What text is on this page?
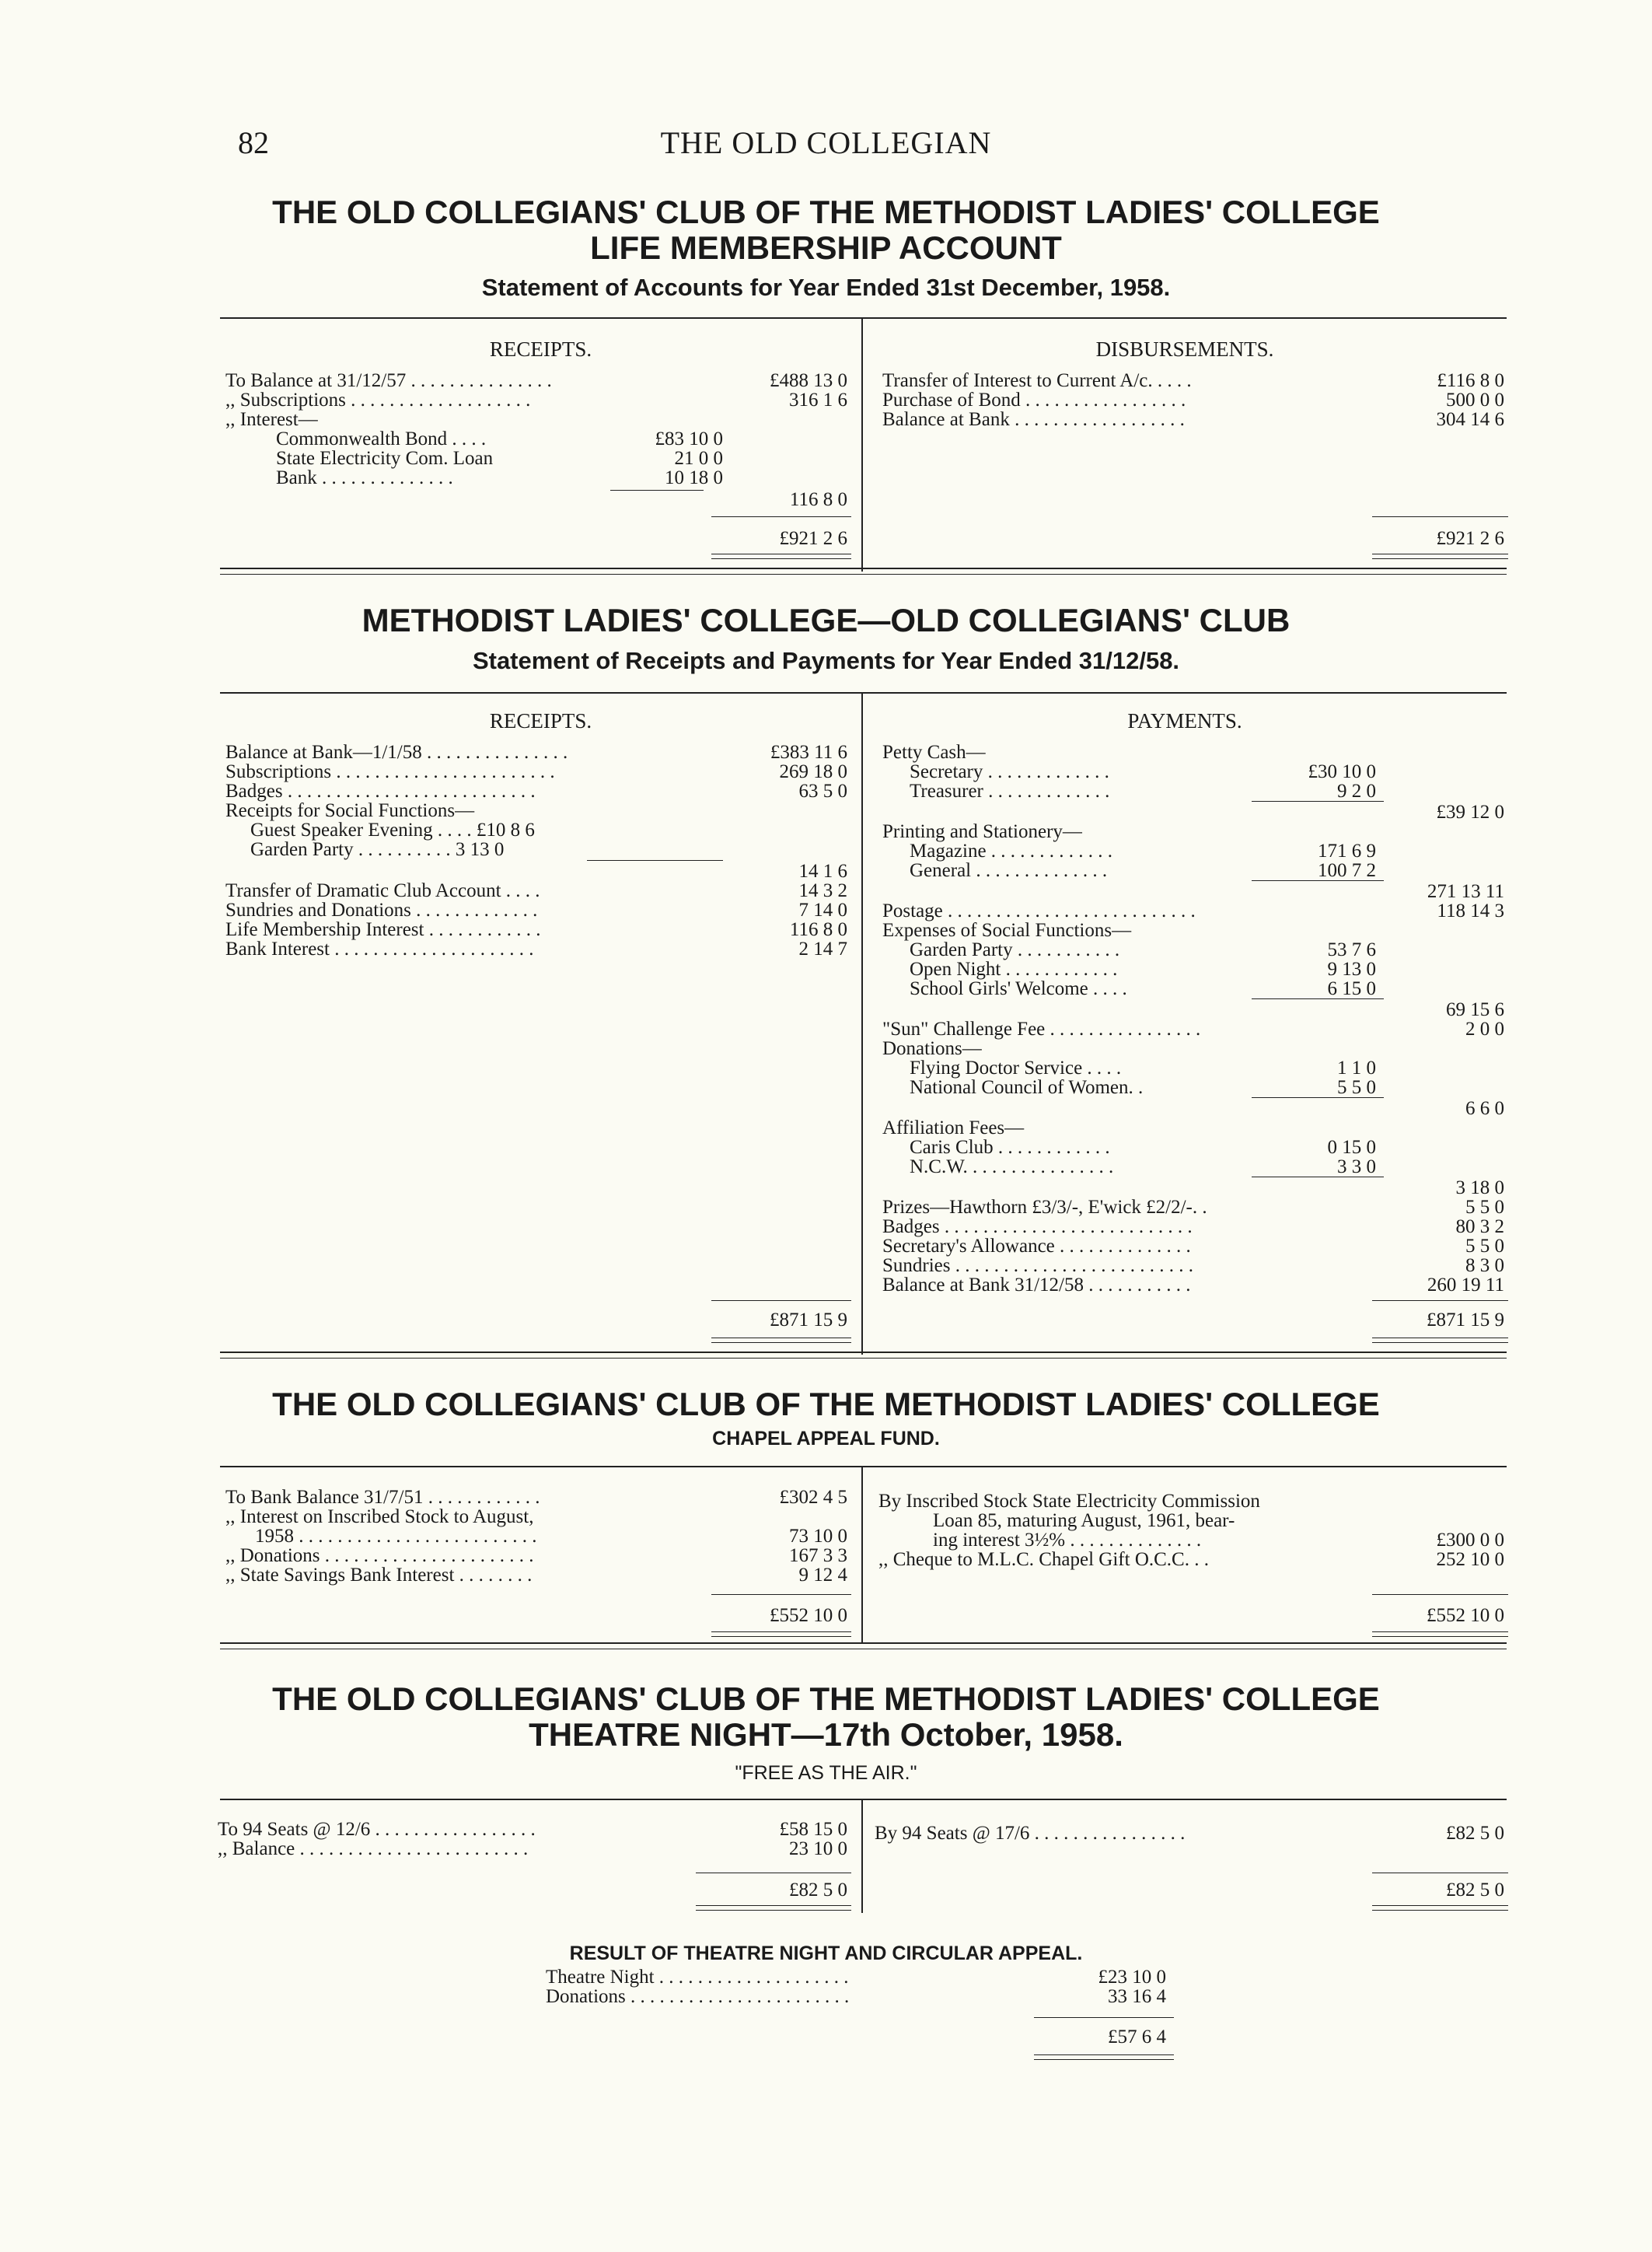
82	THE OLD COLLEGIAN
THE OLD COLLEGIANS' CLUB OF THE METHODIST LADIES' COLLEGE
LIFE MEMBERSHIP ACCOUNT
Statement of Accounts for Year Ended 31st December, 1958.
RECEIPTS.	DISBURSEMENTS.
To Balance at 31/12/57 . . . . . . . . . . . . . . .	£488 13 0
,, Subscriptions . . . . . . . . . . . . . . . . . . .	316 1 6
,, Interest—
Commonwealth Bond . . . .	£83 10 0
State Electricity Com. Loan	21 0 0
Bank . . . . . . . . . . . . . .	10 18 0
116 8 0
£921 2 6
Transfer of Interest to Current A/c. . . . .	£116 8 0
Purchase of Bond . . . . . . . . . . . . . . . . .	500 0 0
Balance at Bank . . . . . . . . . . . . . . . . . .	304 14 6
£921 2 6
METHODIST LADIES' COLLEGE—OLD COLLEGIANS' CLUB
Statement of Receipts and Payments for Year Ended 31/12/58.
RECEIPTS.	PAYMENTS.
Balance at Bank—1/1/58 . . . . . . . . . . . . . . .	£383 11 6
Subscriptions . . . . . . . . . . . . . . . . . . . . . . .	269 18 0
Badges . . . . . . . . . . . . . . . . . . . . . . . . . .	63 5 0
Receipts for Social Functions—
Guest Speaker Evening . . . . £10 8 6
Garden Party . . . . . . . . . . 3 13 0
14 1 6
Transfer of Dramatic Club Account . . . .	14 3 2
Sundries and Donations . . . . . . . . . . . . .	7 14 0
Life Membership Interest . . . . . . . . . . . .	116 8 0
Bank Interest . . . . . . . . . . . . . . . . . . . . .	2 14 7
£871 15 9
Petty Cash—
Secretary . . . . . . . . . . . . .	£30 10 0
Treasurer . . . . . . . . . . . . .	9 2 0
£39 12 0
Printing and Stationery—
Magazine . . . . . . . . . . . . .	171 6 9
General . . . . . . . . . . . . . .	100 7 2
271 13 11
Postage . . . . . . . . . . . . . . . . . . . . . . . . . .	118 14 3
Expenses of Social Functions—
Garden Party . . . . . . . . . . .	53 7 6
Open Night . . . . . . . . . . . .	9 13 0
School Girls' Welcome . . . .	6 15 0
69 15 6
"Sun" Challenge Fee . . . . . . . . . . . . . . . .	2 0 0
Donations—
Flying Doctor Service . . . .	1 1 0
National Council of Women. .	5 5 0
6 6 0
Affiliation Fees—
Caris Club . . . . . . . . . . . .	0 15 0
N.C.W. . . . . . . . . . . . . . . .	3 3 0
3 18 0
Prizes—Hawthorn £3/3/-, E'wick £2/2/-. .	5 5 0
Badges . . . . . . . . . . . . . . . . . . . . . . . . . .	80 3 2
Secretary's Allowance . . . . . . . . . . . . . .	5 5 0
Sundries . . . . . . . . . . . . . . . . . . . . . . . . .	8 3 0
Balance at Bank 31/12/58 . . . . . . . . . . .	260 19 11
£871 15 9
THE OLD COLLEGIANS' CLUB OF THE METHODIST LADIES' COLLEGE
CHAPEL APPEAL FUND.
To Bank Balance 31/7/51 . . . . . . . . . . . .	£302 4 5
,, Interest on Inscribed Stock to August,
1958 . . . . . . . . . . . . . . . . . . . . . . . . .	73 10 0
,, Donations . . . . . . . . . . . . . . . . . . . . . .	167 3 3
,, State Savings Bank Interest . . . . . . . .	9 12 4
£552 10 0
By Inscribed Stock State Electricity Commission
Loan 85, maturing August, 1961, bear-
ing interest 3½% . . . . . . . . . . . . . .	£300 0 0
,, Cheque to M.L.C. Chapel Gift O.C.C. . .	252 10 0
£552 10 0
THE OLD COLLEGIANS' CLUB OF THE METHODIST LADIES' COLLEGE
THEATRE NIGHT—17th October, 1958.
"FREE AS THE AIR."
To 94 Seats @ 12/6 . . . . . . . . . . . . . . . . .	£58 15 0
,, Balance . . . . . . . . . . . . . . . . . . . . . . . .	23 10 0
£82 5 0
By 94 Seats @ 17/6 . . . . . . . . . . . . . . . .	£82 5 0
£82 5 0
RESULT OF THEATRE NIGHT AND CIRCULAR APPEAL.
Theatre Night . . . . . . . . . . . . . . . . . . . .	£23 10 0
Donations . . . . . . . . . . . . . . . . . . . . . . .	33 16 4
£57 6 4
